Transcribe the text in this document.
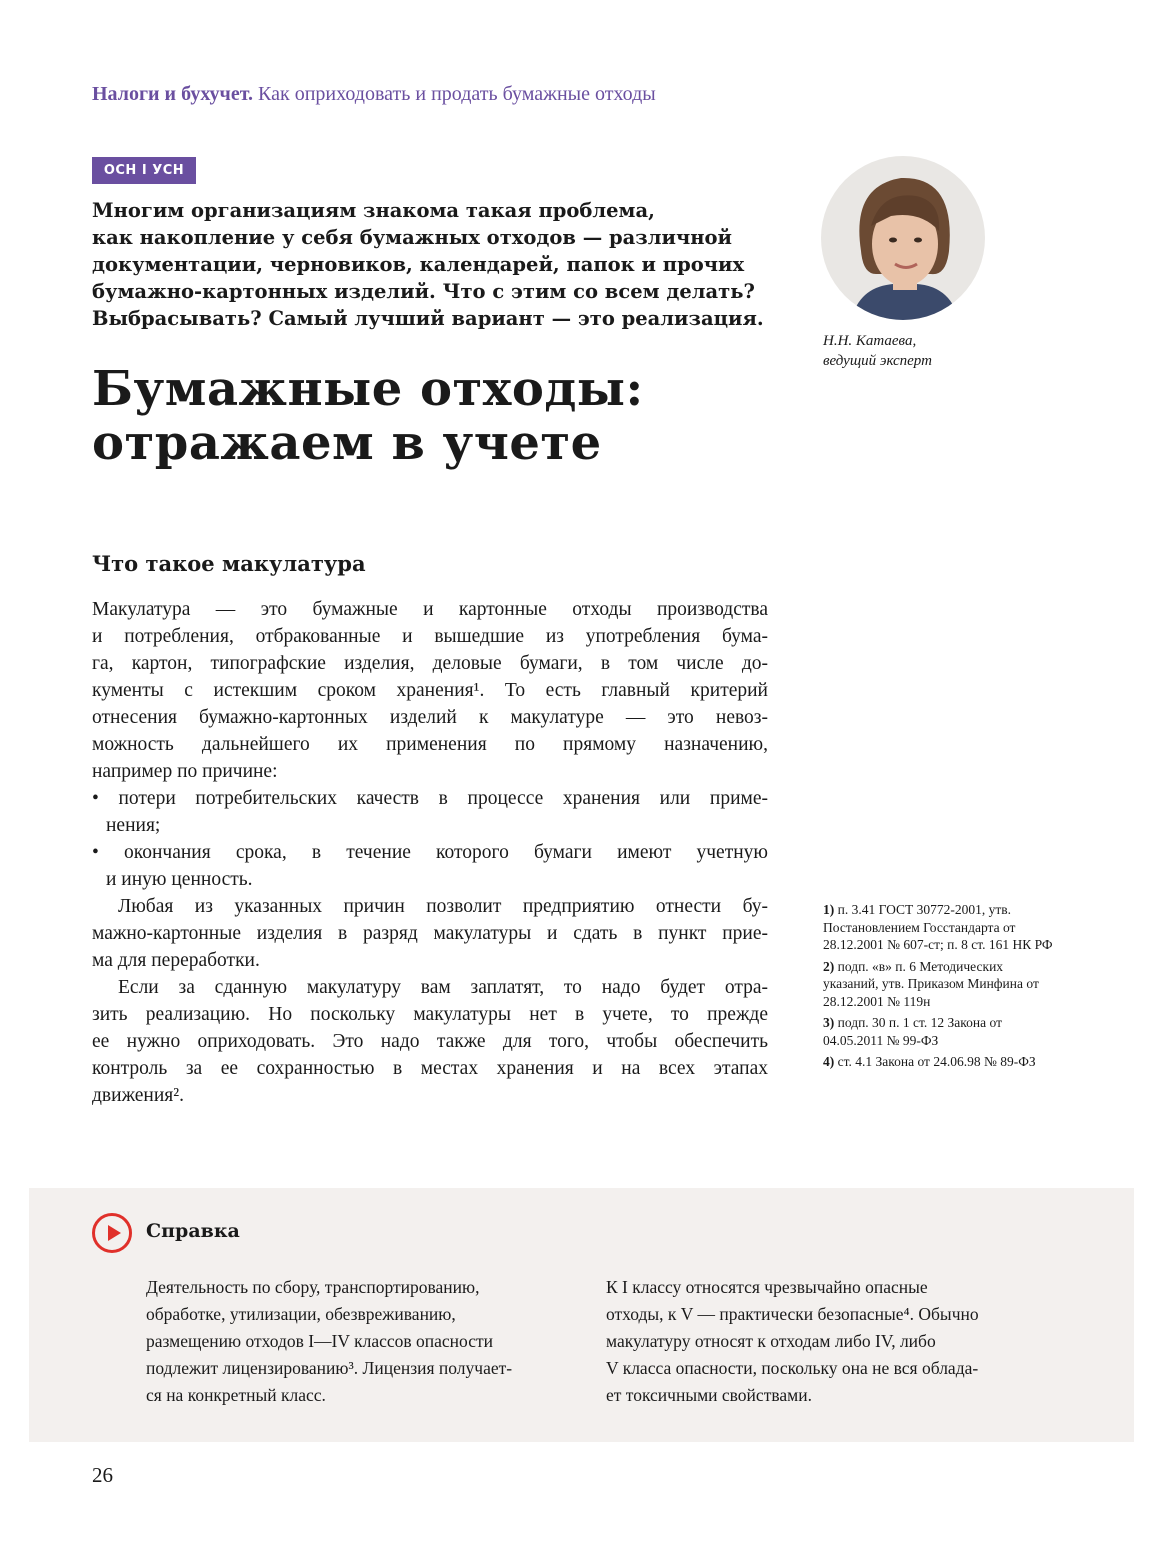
Налоги и бухучет. Как оприходовать и продать бумажные отходы
ОСН I УСН
Многим организациям знакома такая проблема,
как накопление у себя бумажных отходов — различной
документации, черновиков, календарей, папок и прочих
бумажно-картонных изделий. Что с этим со всем делать?
Выбрасывать? Самый лучший вариант — это реализация.
Н.Н. Катаева,
ведущий эксперт
Бумажные отходы:
отражаем в учете
Что такое макулатура
Макулатура — это бумажные и картонные отходы производства
и потребления, отбракованные и вышедшие из употребления бума-
га, картон, типографские изделия, деловые бумаги, в том числе до-
кументы с истекшим сроком хранения¹. То есть главный критерий
отнесения бумажно-картонных изделий к макулатуре — это невоз-
можность дальнейшего их применения по прямому назначению,
например по причине:
• потери потребительских качеств в процессе хранения или приме-
нения;
• окончания срока, в течение которого бумаги имеют учетную
и иную ценность.
Любая из указанных причин позволит предприятию отнести бу-
мажно-картонные изделия в разряд макулатуры и сдать в пункт прие-
ма для переработки.
Если за сданную макулатуру вам заплатят, то надо будет отра-
зить реализацию. Но поскольку макулатуры нет в учете, то прежде
ее нужно оприходовать. Это надо также для того, чтобы обеспечить
контроль за ее сохранностью в местах хранения и на всех этапах
движения².

1) п. 3.41 ГОСТ 30772-2001, утв. Постановлением Госстандарта от 28.12.2001 № 607-ст; п. 8 ст. 161 НК РФ

2) подп. «в» п. 6 Методических указаний, утв. Приказом Минфина от 28.12.2001 № 119н

3) подп. 30 п. 1 ст. 12 Закона от 04.05.2011 № 99-ФЗ

4) ст. 4.1 Закона от 24.06.98 № 89-ФЗ

Справка
Деятельность по сбору, транспортированию,
обработке, утилизации, обезвреживанию,
размещению отходов I—IV классов опасности
подлежит лицензированию³. Лицензия получает-
ся на конкретный класс.
К I классу относятся чрезвычайно опасные
отходы, к V — практически безопасные⁴. Обычно
макулатуру относят к отходам либо IV, либо
V класса опасности, поскольку она не вся облада-
ет токсичными свойствами.
26
